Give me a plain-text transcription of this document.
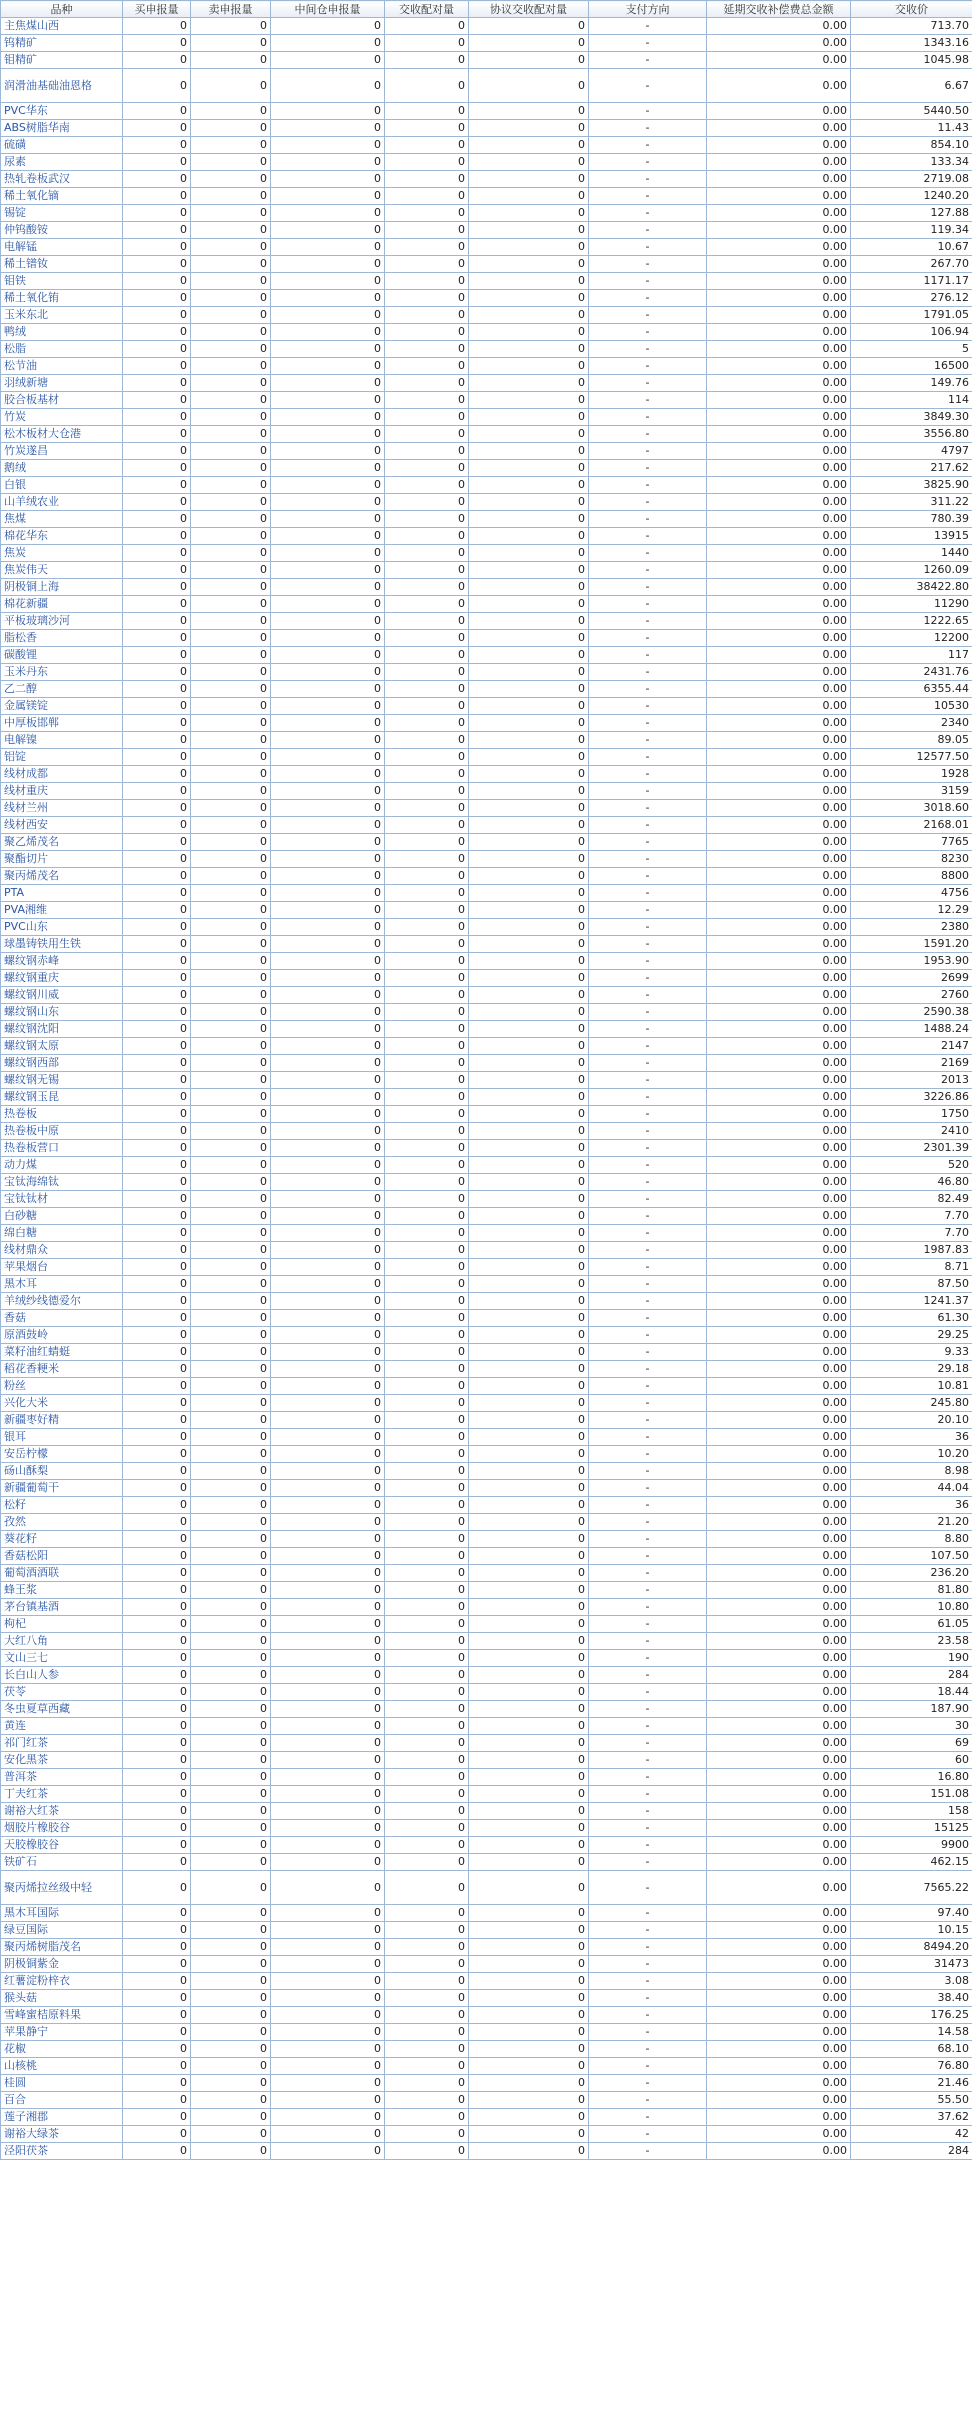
品种	买申报量	卖申报量	中间仓申报量	交收配对量	协议交收配对量	支付方向	延期交收补偿费总金额	交收价
主焦煤山西	0	0	0	0	0	-	0.00	713.70
钨精矿	0	0	0	0	0	-	0.00	1343.16
钼精矿	0	0	0	0	0	-	0.00	1045.98
润滑油基础油恩格	0	0	0	0	0	-	0.00	6.67
PVC华东	0	0	0	0	0	-	0.00	5440.50
ABS树脂华南	0	0	0	0	0	-	0.00	11.43
硫磺	0	0	0	0	0	-	0.00	854.10
尿素	0	0	0	0	0	-	0.00	133.34
热轧卷板武汉	0	0	0	0	0	-	0.00	2719.08
稀土氧化镝	0	0	0	0	0	-	0.00	1240.20
锡锭	0	0	0	0	0	-	0.00	127.88
仲钨酸铵	0	0	0	0	0	-	0.00	119.34
电解锰	0	0	0	0	0	-	0.00	10.67
稀土镨钕	0	0	0	0	0	-	0.00	267.70
钼铁	0	0	0	0	0	-	0.00	1171.17
稀土氧化铕	0	0	0	0	0	-	0.00	276.12
玉米东北	0	0	0	0	0	-	0.00	1791.05
鸭绒	0	0	0	0	0	-	0.00	106.94
松脂	0	0	0	0	0	-	0.00	5
松节油	0	0	0	0	0	-	0.00	16500
羽绒新塘	0	0	0	0	0	-	0.00	149.76
胶合板基材	0	0	0	0	0	-	0.00	114
竹炭	0	0	0	0	0	-	0.00	3849.30
松木板材大仓港	0	0	0	0	0	-	0.00	3556.80
竹炭遂昌	0	0	0	0	0	-	0.00	4797
鹅绒	0	0	0	0	0	-	0.00	217.62
白银	0	0	0	0	0	-	0.00	3825.90
山羊绒农业	0	0	0	0	0	-	0.00	311.22
焦煤	0	0	0	0	0	-	0.00	780.39
棉花华东	0	0	0	0	0	-	0.00	13915
焦炭	0	0	0	0	0	-	0.00	1440
焦炭伟天	0	0	0	0	0	-	0.00	1260.09
阴极铜上海	0	0	0	0	0	-	0.00	38422.80
棉花新疆	0	0	0	0	0	-	0.00	11290
平板玻璃沙河	0	0	0	0	0	-	0.00	1222.65
脂松香	0	0	0	0	0	-	0.00	12200
碳酸锂	0	0	0	0	0	-	0.00	117
玉米丹东	0	0	0	0	0	-	0.00	2431.76
乙二醇	0	0	0	0	0	-	0.00	6355.44
金属镁锭	0	0	0	0	0	-	0.00	10530
中厚板邯郸	0	0	0	0	0	-	0.00	2340
电解镍	0	0	0	0	0	-	0.00	89.05
铝锭	0	0	0	0	0	-	0.00	12577.50
线材成都	0	0	0	0	0	-	0.00	1928
线材重庆	0	0	0	0	0	-	0.00	3159
线材兰州	0	0	0	0	0	-	0.00	3018.60
线材西安	0	0	0	0	0	-	0.00	2168.01
聚乙烯茂名	0	0	0	0	0	-	0.00	7765
聚酯切片	0	0	0	0	0	-	0.00	8230
聚丙烯茂名	0	0	0	0	0	-	0.00	8800
PTA	0	0	0	0	0	-	0.00	4756
PVA湘维	0	0	0	0	0	-	0.00	12.29
PVC山东	0	0	0	0	0	-	0.00	2380
球墨铸铁用生铁	0	0	0	0	0	-	0.00	1591.20
螺纹钢赤峰	0	0	0	0	0	-	0.00	1953.90
螺纹钢重庆	0	0	0	0	0	-	0.00	2699
螺纹钢川威	0	0	0	0	0	-	0.00	2760
螺纹钢山东	0	0	0	0	0	-	0.00	2590.38
螺纹钢沈阳	0	0	0	0	0	-	0.00	1488.24
螺纹钢太原	0	0	0	0	0	-	0.00	2147
螺纹钢西部	0	0	0	0	0	-	0.00	2169
螺纹钢无锡	0	0	0	0	0	-	0.00	2013
螺纹钢玉昆	0	0	0	0	0	-	0.00	3226.86
热卷板	0	0	0	0	0	-	0.00	1750
热卷板中原	0	0	0	0	0	-	0.00	2410
热卷板营口	0	0	0	0	0	-	0.00	2301.39
动力煤	0	0	0	0	0	-	0.00	520
宝钛海绵钛	0	0	0	0	0	-	0.00	46.80
宝钛钛材	0	0	0	0	0	-	0.00	82.49
白砂糖	0	0	0	0	0	-	0.00	7.70
绵白糖	0	0	0	0	0	-	0.00	7.70
线材鼎众	0	0	0	0	0	-	0.00	1987.83
苹果烟台	0	0	0	0	0	-	0.00	8.71
黑木耳	0	0	0	0	0	-	0.00	87.50
羊绒纱线德爱尔	0	0	0	0	0	-	0.00	1241.37
香菇	0	0	0	0	0	-	0.00	61.30
原酒鼓岭	0	0	0	0	0	-	0.00	29.25
菜籽油红蜻蜓	0	0	0	0	0	-	0.00	9.33
稻花香粳米	0	0	0	0	0	-	0.00	29.18
粉丝	0	0	0	0	0	-	0.00	10.81
兴化大米	0	0	0	0	0	-	0.00	245.80
新疆枣好精	0	0	0	0	0	-	0.00	20.10
银耳	0	0	0	0	0	-	0.00	36
安岳柠檬	0	0	0	0	0	-	0.00	10.20
砀山酥梨	0	0	0	0	0	-	0.00	8.98
新疆葡萄干	0	0	0	0	0	-	0.00	44.04
松籽	0	0	0	0	0	-	0.00	36
孜然	0	0	0	0	0	-	0.00	21.20
葵花籽	0	0	0	0	0	-	0.00	8.80
香菇松阳	0	0	0	0	0	-	0.00	107.50
葡萄酒酒联	0	0	0	0	0	-	0.00	236.20
蜂王浆	0	0	0	0	0	-	0.00	81.80
茅台镇基酒	0	0	0	0	0	-	0.00	10.80
枸杞	0	0	0	0	0	-	0.00	61.05
大红八角	0	0	0	0	0	-	0.00	23.58
文山三七	0	0	0	0	0	-	0.00	190
长白山人参	0	0	0	0	0	-	0.00	284
茯苓	0	0	0	0	0	-	0.00	18.44
冬虫夏草西藏	0	0	0	0	0	-	0.00	187.90
黄连	0	0	0	0	0	-	0.00	30
祁门红茶	0	0	0	0	0	-	0.00	69
安化黑茶	0	0	0	0	0	-	0.00	60
普洱茶	0	0	0	0	0	-	0.00	16.80
丁夫红茶	0	0	0	0	0	-	0.00	151.08
谢裕大红茶	0	0	0	0	0	-	0.00	158
烟胶片橡胶谷	0	0	0	0	0	-	0.00	15125
天胶橡胶谷	0	0	0	0	0	-	0.00	9900
铁矿石	0	0	0	0	0	-	0.00	462.15
聚丙烯拉丝级中轻	0	0	0	0	0	-	0.00	7565.22
黑木耳国际	0	0	0	0	0	-	0.00	97.40
绿豆国际	0	0	0	0	0	-	0.00	10.15
聚丙烯树脂茂名	0	0	0	0	0	-	0.00	8494.20
阴极铜紫金	0	0	0	0	0	-	0.00	31473
红薯淀粉梓衣	0	0	0	0	0	-	0.00	3.08
猴头菇	0	0	0	0	0	-	0.00	38.40
雪峰蜜桔原料果	0	0	0	0	0	-	0.00	176.25
苹果静宁	0	0	0	0	0	-	0.00	14.58
花椒	0	0	0	0	0	-	0.00	68.10
山核桃	0	0	0	0	0	-	0.00	76.80
桂圆	0	0	0	0	0	-	0.00	21.46
百合	0	0	0	0	0	-	0.00	55.50
莲子湘郡	0	0	0	0	0	-	0.00	37.62
谢裕大绿茶	0	0	0	0	0	-	0.00	42
泾阳茯茶	0	0	0	0	0	-	0.00	284
